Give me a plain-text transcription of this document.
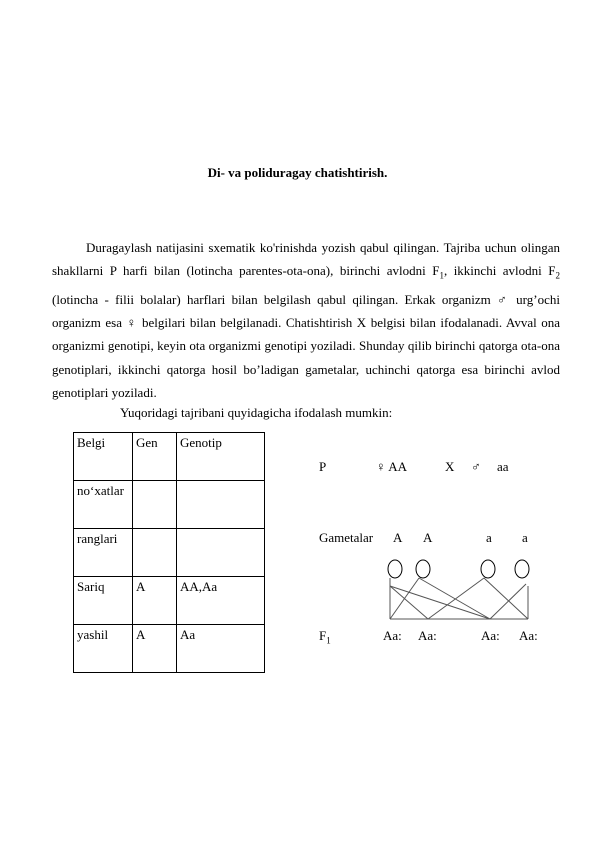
Di- va poliduragay chatishtirish.
Duragaylash natijasini sxematik ko'rinishda yozish qabul qilingan. Tajriba uchun olingan shakllarni P harfi bilan (lotincha parentes-ota-ona), birinchi avlodni $F_1$, ikkinchi avlodni $F_2$ (lotincha - filii bolalar) harflari bilan belgilash qabul qilingan. Erkak organizm ♂ urg’ochi organizm esa ♀ belgilari bilan belgilanadi. Chatishtirish X belgisi bilan ifodalanadi. Avval ona organizmi genotipi, keyin ota organizmi genotipi yoziladi. Shunday qilib birinchi qatorga ota-ona genotiplari, ikkinchi qatorga hosil bo’ladigan gametalar, uchinchi qatorga esa birinchi avlod genotiplari yoziladi.
Yuqoridagi tajribani quyidagicha ifodalash mumkin:
Belgi	Gen	Genotip
no‘xatlar		
ranglari		
Sariq	A	AA,Aa
yashil	A	Aa
P	♀ AA	X ♂ aa
Gametalar A A	a a
$F_1$	Aa: Aa:	Aa: Aa:
